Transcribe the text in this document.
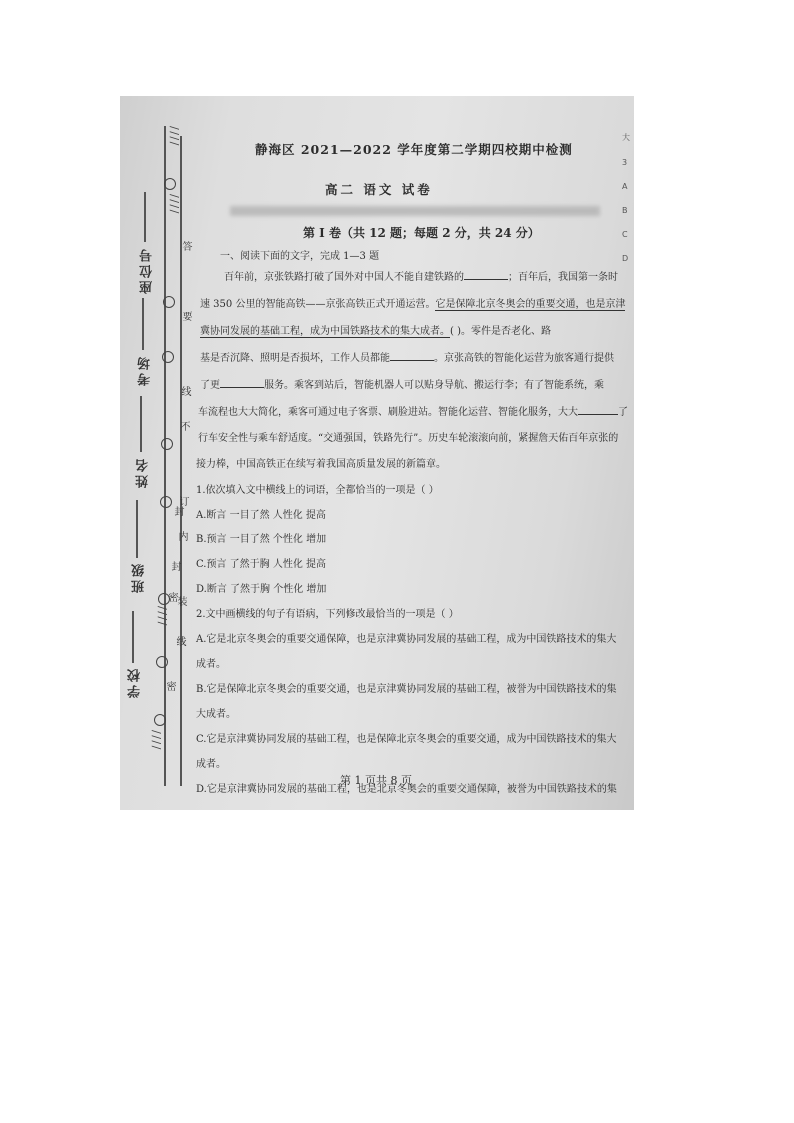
/ / / /
/ / / /
/ / / /
/ / / /
座位号
考场
姓名
班级
学校
答
要
线
不
订
内
装
线
封
封
密
密
静海区 2021—2022 学年度第二学期四校期中检测
高二 语文 试卷
第 I 卷（共 12 题；每题 2 分，共 24 分）
一、阅读下面的文字，完成 1—3 题
百年前，京张铁路打破了国外对中国人不能自建铁路的	；百年后，我国第一条时
速 350 公里的智能高铁——京张高铁正式开通运营。它是保障北京冬奥会的重要交通，也是京津
冀协同发展的基础工程，成为中国铁路技术的集大成者。( )。零件是否老化、路
基是否沉降、照明是否损坏，工作人员都能	。京张高铁的智能化运营为旅客通行提供
了更	服务。乘客到站后，智能机器人可以贴身导航、搬运行李；有了智能系统，乘
车流程也大大简化，乘客可通过电子客票、刷脸进站。智能化运营、智能化服务，大大	了
行车安全性与乘车舒适度。“交通强国，铁路先行”。历史车轮滚滚向前，紧握詹天佑百年京张的
接力棒，中国高铁正在续写着我国高质量发展的新篇章。
1.依次填入文中横线上的词语，全都恰当的一项是（ ）
A.断言 一目了然 人性化 提高
B.预言 一目了然 个性化 增加
C.预言 了然于胸 人性化 提高
D.断言 了然于胸 个性化 增加
2.文中画横线的句子有语病，下列修改最恰当的一项是（ ）
A.它是北京冬奥会的重要交通保障，也是京津冀协同发展的基础工程，成为中国铁路技术的集大
成者。
B.它是保障北京冬奥会的重要交通，也是京津冀协同发展的基础工程，被誉为中国铁路技术的集
大成者。
C.它是京津冀协同发展的基础工程，也是保障北京冬奥会的重要交通，成为中国铁路技术的集大
成者。
D.它是京津冀协同发展的基础工程，也是北京冬奥会的重要交通保障，被誉为中国铁路技术的集
第 1 页共 8 页
大
3
A
B
C
D
